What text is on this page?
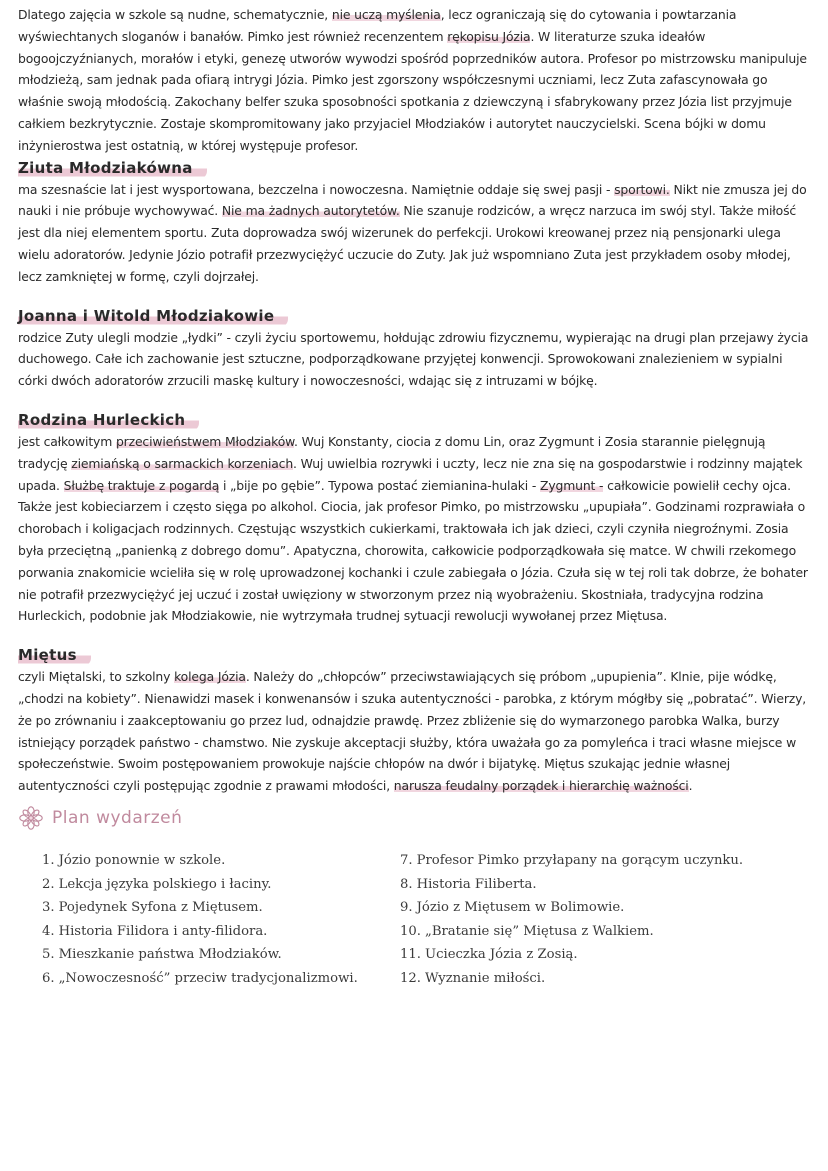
Dlatego zajęcia w szkole są nudne, schematycznie, nie uczą myślenia, lecz ograniczają się do cytowania i powtarzania wyświechtanych sloganów i banałów. Pimko jest również recenzentem rękopisu Józia. W literaturze szuka ideałów bogoojczyźnianych, morałów i etyki, genezę utworów wywodzi spośród poprzedników autora. Profesor po mistrzowsku manipuluje młodzieżą, sam jednak pada ofiarą intrygi Józia. Pimko jest zgorszony współczesnymi uczniami, lecz Zuta zafascynowała go właśnie swoją młodością. Zakochany belfer szuka sposobności spotkania z dziewczyną i sfabrykowany przez Józia list przyjmuje całkiem bezkrytycznie. Zostaje skompromitowany jako przyjaciel Młodziaków i autorytet nauczycielski. Scena bójki w domu inżynierostwa jest ostatnią, w której występuje profesor.

Ziuta Młodziakówna

ma szesnaście lat i jest wysportowana, bezczelna i nowoczesna. Namiętnie oddaje się swej pasji - sportowi. Nikt nie zmusza jej do nauki i nie próbuje wychowywać. Nie ma żadnych autorytetów. Nie szanuje rodziców, a wręcz narzuca im swój styl. Także miłość jest dla niej elementem sportu. Zuta doprowadza swój wizerunek do perfekcji. Urokowi kreowanej przez nią pensjonarki ulega wielu adoratorów. Jedynie Józio potrafił przezwyciężyć uczucie do Zuty. Jak już wspomniano Zuta jest przykładem osoby młodej, lecz zamkniętej w formę, czyli dojrzałej.

Joanna i Witold Młodziakowie

rodzice Zuty ulegli modzie „łydki” - czyli życiu sportowemu, hołdując zdrowiu fizycznemu, wypierając na drugi plan przejawy życia duchowego. Całe ich zachowanie jest sztuczne, podporządkowane przyjętej konwencji. Sprowokowani znalezieniem w sypialni córki dwóch adoratorów zrzucili maskę kultury i nowoczesności, wdając się z intruzami w bójkę.

Rodzina Hurleckich

jest całkowitym przeciwieństwem Młodziaków. Wuj Konstanty, ciocia z domu Lin, oraz Zygmunt i Zosia starannie pielęgnują tradycję ziemiańską o sarmackich korzeniach. Wuj uwielbia rozrywki i uczty, lecz nie zna się na gospodarstwie i rodzinny majątek upada. Służbę traktuje z pogardą i „bije po gębie”. Typowa postać ziemianina-hulaki - Zygmunt - całkowicie powielił cechy ojca. Także jest kobieciarzem i często sięga po alkohol. Ciocia, jak profesor Pimko, po mistrzowsku „upupiała”. Godzinami rozprawiała o chorobach i koligacjach rodzinnych. Częstując wszystkich cukierkami, traktowała ich jak dzieci, czyli czyniła niegroźnymi. Zosia była przeciętną „panienką z dobrego domu”. Apatyczna, chorowita, całkowicie podporządkowała się matce. W chwili rzekomego porwania znakomicie wcieliła się w rolę uprowadzonej kochanki i czule zabiegała o Józia. Czuła się w tej roli tak dobrze, że bohater nie potrafił przezwyciężyć jej uczuć i został uwięziony w stworzonym przez nią wyobrażeniu. Skostniała, tradycyjna rodzina Hurleckich, podobnie jak Młodziakowie, nie wytrzymała trudnej sytuacji rewolucji wywołanej przez Miętusa.

Miętus

czyli Miętalski, to szkolny kolega Józia. Należy do „chłopców” przeciwstawiających się próbom „upupienia”. Klnie, pije wódkę, „chodzi na kobiety”. Nienawidzi masek i konwenansów i szuka autentyczności - parobka, z którym mógłby się „pobratać”. Wierzy, że po zrównaniu i zaakceptowaniu go przez lud, odnajdzie prawdę. Przez zbliżenie się do wymarzonego parobka Walka, burzy istniejący porządek państwo - chamstwo. Nie zyskuje akceptacji służby, która uważała go za pomyleńca i traci własne miejsce w społeczeństwie. Swoim postępowaniem prowokuje najście chłopów na dwór i bijatykę. Miętus szukając jednie własnej autentyczności czyli postępując zgodnie z prawami młodości, narusza feudalny porządek i hierarchię ważności.

Plan wydarzeń
1. Józio ponownie w szkole.
2. Lekcja języka polskiego i łaciny.
3. Pojedynek Syfona z Miętusem.
4. Historia Filidora i anty-filidora.
5. Mieszkanie państwa Młodziaków.
6. „Nowoczesność” przeciw tradycjonalizmowi.
7. Profesor Pimko przyłapany na gorącym uczynku.
8. Historia Filiberta.
9. Józio z Miętusem w Bolimowie.
10. „Bratanie się” Miętusa z Walkiem.
11. Ucieczka Józia z Zosią.
12. Wyznanie miłości.
